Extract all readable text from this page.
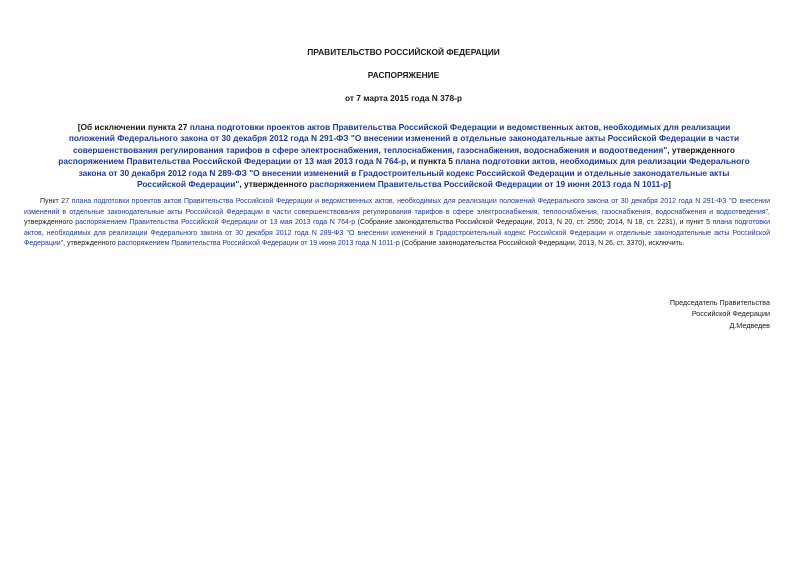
ПРАВИТЕЛЬСТВО РОССИЙСКОЙ ФЕДЕРАЦИИ
РАСПОРЯЖЕНИЕ
от 7 марта 2015 года N 378-р
[Об исключении пункта 27 плана подготовки проектов актов Правительства Российской Федерации и ведомственных актов, необходимых для реализации положений Федерального закона от 30 декабря 2012 года N 291-ФЗ "О внесении изменений в отдельные законодательные акты Российской Федерации в части совершенствования регулирования тарифов в сфере электроснабжения, теплоснабжения, газоснабжения, водоснабжения и водоотведения", утвержденного распоряжением Правительства Российской Федерации от 13 мая 2013 года N 764-р, и пункта 5 плана подготовки актов, необходимых для реализации Федерального закона от 30 декабря 2012 года N 289-ФЗ "О внесении изменений в Градостроительный кодекс Российской Федерации и отдельные законодательные акты Российской Федерации", утвержденного распоряжением Правительства Российской Федерации от 19 июня 2013 года N 1011-р]
Пункт 27 плана подготовки проектов актов Правительства Российской Федерации и ведомственных актов, необходимых для реализации положений Федерального закона от 30 декабря 2012 года N 291-ФЗ "О внесении изменений в отдельные законодательные акты Российской Федерации в части совершенствования регулирования тарифов в сфере электроснабжения, теплоснабжения, газоснабжения, водоснабжения и водоотведения", утвержденного распоряжением Правительства Российской Федерации от 13 мая 2013 года N 764-р (Собрание законодательства Российской Федерации, 2013, N 20, ст. 2550; 2014, N 18, ст. 2231), и пункт 5 плана подготовки актов, необходимых для реализации Федерального закона от 30 декабря 2012 года N 289-ФЗ "О внесении изменений в Градостроительный кодекс Российской Федерации и отдельные законодательные акты Российской Федерации", утвержденного распоряжением Правительства Российской Федерации от 19 июня 2013 года N 1011-р (Собрание законодательства Российской Федерации, 2013, N 26, ст. 3370), исключить.
Председатель Правительства
Российской Федерации
Д.Медведев
